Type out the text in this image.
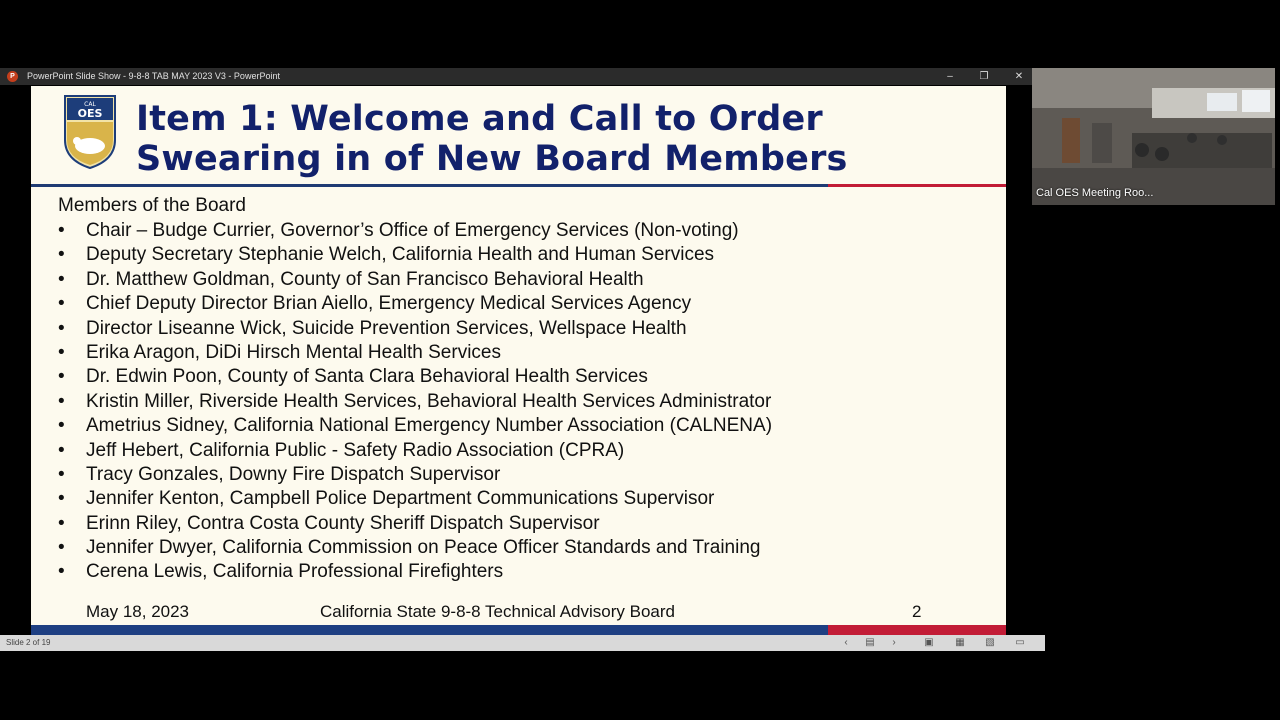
P	PowerPoint Slide Show - 9-8-8 TAB MAY 2023 V3 - PowerPoint	–	❐	✕
CAL
OES Item 1: Welcome and Call to Order
Swearing in of New Board Members
Members of the Board
• Chair – Budge Currier, Governor’s Office of Emergency Services (Non-voting)
• Deputy Secretary Stephanie Welch, California Health and Human Services
• Dr. Matthew Goldman, County of San Francisco Behavioral Health
• Chief Deputy Director Brian Aiello, Emergency Medical Services Agency
• Director Liseanne Wick, Suicide Prevention Services, Wellspace Health
• Erika Aragon, DiDi Hirsch Mental Health Services
• Dr. Edwin Poon, County of Santa Clara Behavioral Health Services
• Kristin Miller, Riverside Health Services, Behavioral Health Services Administrator
• Ametrius Sidney, California National Emergency Number Association (CALNENA)
• Jeff Hebert, California Public - Safety Radio Association (CPRA)
• Tracy Gonzales, Downy Fire Dispatch Supervisor
• Jennifer Kenton, Campbell Police Department Communications Supervisor
• Erinn Riley, Contra Costa County Sheriff Dispatch Supervisor
• Jennifer Dwyer, California Commission on Peace Officer Standards and Training
• Cerena Lewis, California Professional Firefighters
May 18, 2023	California State 9-8-8 Technical Advisory Board	2
Slide 2 of 19	‹	▤	›	▣ ▦ ▧ ▭
Cal OES Meeting Roo...
